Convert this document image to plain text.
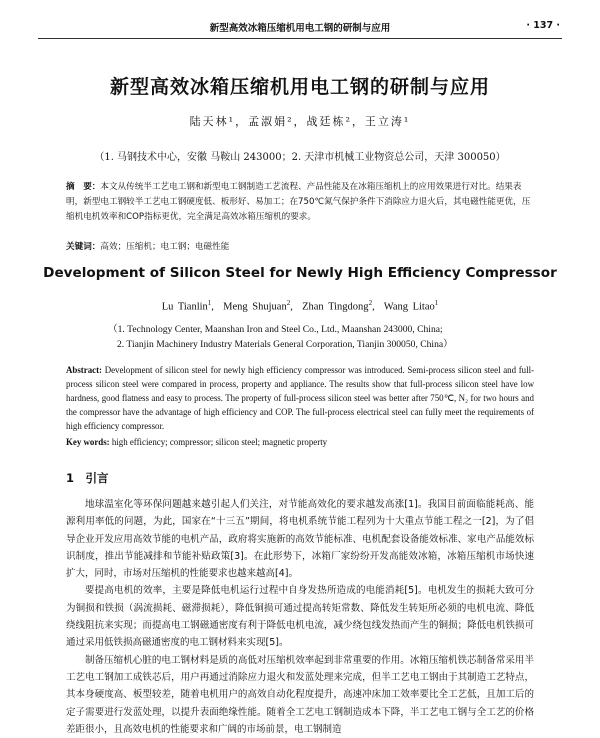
新型高效冰箱压缩机用电工钢的研制与应用	· 137 ·
新型高效冰箱压缩机用电工钢的研制与应用
陆天林¹，孟淑娟²，战廷栋²，王立涛¹
（1. 马钢技术中心，安徽 马鞍山 243000；2. 天津市机械工业物资总公司，天津 300050）
摘　要：本文从传统半工艺电工钢和新型电工钢制造工艺流程、产品性能及在冰箱压缩机上的应用效果进行对比。结果表明，新型电工钢较半工艺电工钢硬度低、板形好、易加工；在750℃氮气保护条件下消除应力退火后，其电磁性能更优，压缩机电机效率和COP指标更优，完全满足高效冰箱压缩机的要求。
关键词：高效；压缩机；电工钢；电磁性能
Development of Silicon Steel for Newly High Efficiency Compressor
Lu Tianlin$^1$,  Meng Shujuan$^2$,  Zhan Tingdong$^2$,  Wang Litao$^1$
（1. Technology Center, Maanshan Iron and Steel Co., Ltd., Maanshan 243000, China;
2. Tianjin Machinery Industry Materials General Corporation, Tianjin 300050, China）
Abstract: Development of silicon steel for newly high efficiency compressor was introduced. Semi-process silicon steel and full-process silicon steel were compared in process, property and appliance. The results show that full-process silicon steel have low hardness, good flatness and easy to process. The property of full-process silicon steel was better after 750℃, N₂ for two hours and the compressor have the advantage of high efficiency and COP. The full-process electrical steel can fully meet the requirements of high efficiency compressor.
Key words: high efficiency; compressor; silicon steel; magnetic property
1　引言

地球温室化等环保问题越来越引起人们关注，对节能高效化的要求越发高涨[1]。我国目前面临能耗高、能源利用率低的问题，为此，国家在“十三五”期间，将电机系统节能工程列为十大重点节能工程之一[2]，为了倡导企业开发应用高效节能的电机产品，政府将实施新的高效节能标准、电机配套设备能效标准、家电产品能效标识制度，推出节能减排和节能补贴政策[3]。在此形势下，冰箱厂家纷纷开发高能效冰箱，冰箱压缩机市场快速扩大，同时，市场对压缩机的性能要求也越来越高[4]。

要提高电机的效率，主要是降低电机运行过程中自身发热所造成的电能消耗[5]。电机发生的损耗大致可分为铜损和铁损（涡流损耗、磁滞损耗），降低铜损可通过提高转矩常数、降低发生转矩所必须的电机电流、降低绕线阻抗来实现；而提高电工钢磁通密度有利于降低电机电流，减少绕包线发热而产生的铜损；降低电机铁损可通过采用低铁损高磁通密度的电工钢材料来实现[5]。

制备压缩机心脏的电工钢材料是质的高低对压缩机效率起到非常重要的作用。冰箱压缩机铁芯制备常采用半工艺电工钢加工成铁芯后，用户再通过消除应力退火和发蓝处理来完成，但半工艺电工钢由于其制造工艺特点，其本身硬度高、板型较差，随着电机用户的高效自动化程度提升，高速冲床加工效率要比全工艺低，且加工后的定子需要进行发蓝处理，以提升表面绝缘性能。随着全工艺电工钢制造成本下降，半工艺电工钢与全工艺的价格差距很小，且高效电机的性能要求和广阔的市场前景，电工钢制造
